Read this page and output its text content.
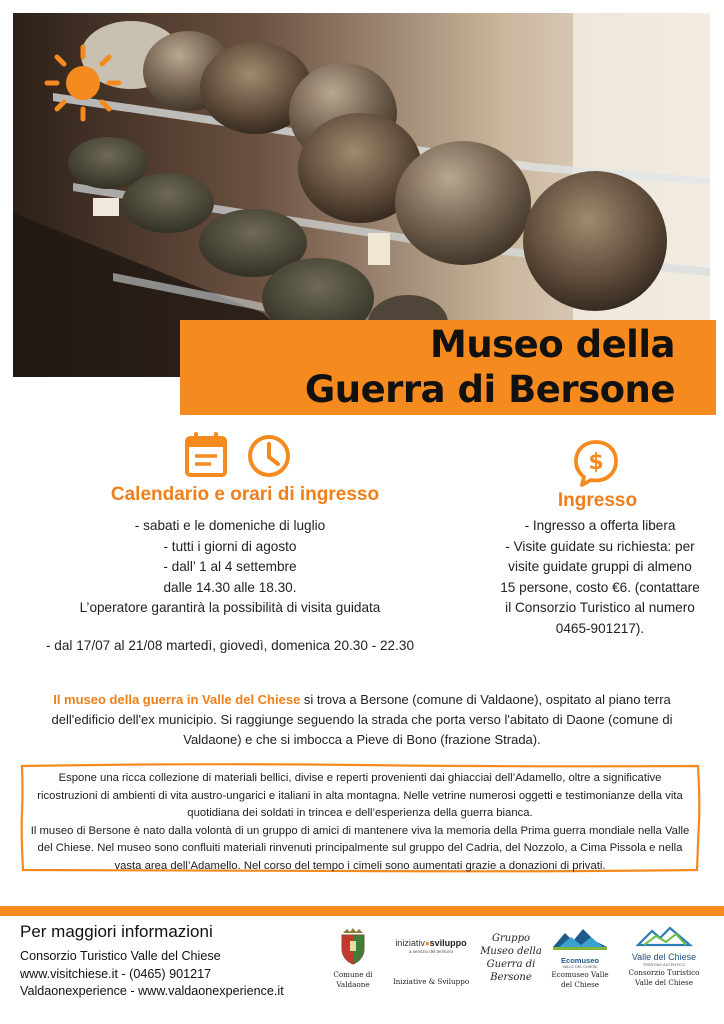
Museo della
Guerra di Bersone
Calendario e orari di ingresso
- sabati e le domeniche di luglio
- tutti i giorni di agosto
- dall’ 1 al 4 settembre
dalle 14.30 alle 18.30.
L’operatore garantirà la possibilità di visita guidata
- dal 17/07 al 21/08 martedì, giovedì, domenica 20.30 - 22.30
$
Ingresso
- Ingresso a offerta libera
- Visite guidate su richiesta: per visite guidate gruppi di almeno 15 persone, costo €6. (contattare il Consorzio Turistico al numero 0465-901217).
Il museo della guerra in Valle del Chiese si trova a Bersone (comune di Valdaone), ospitato al piano terra dell'edificio dell'ex municipio. Si raggiunge seguendo la strada che porta verso l'abitato di Daone (comune di Valdaone) e che si imbocca a Pieve di Bono (frazione Strada).
Espone una ricca collezione di materiali bellici, divise e reperti provenienti dai ghiacciai dell’Adamello, oltre a significative ricostruzioni di ambienti di vita austro-ungarici e italiani in alta montagna. Nelle vetrine numerosi oggetti e testimonianze della vita quotidiana dei soldati in trincea e dell’esperienza della guerra bianca.
Il museo di Bersone è nato dalla volontà di un gruppo di amici di mantenere viva la memoria della Prima guerra mondiale nella Valle del Chiese. Nel museo sono confluiti materiali rinvenuti principalmente sul gruppo del Cadria, del Nozzolo, a Cima Pissola e nella vasta area dell’Adamello. Nel corso del tempo i cimeli sono aumentati grazie a donazioni di privati.
Per maggiori informazioni
Consorzio Turistico Valle del Chiese
www.visitchiese.it - (0465) 901217
Valdaonexperience - www.valdaonexperience.it
Comune di Valdaone
iniziativ●sviluppo
a servizio del territorio
Iniziative & Sviluppo
Gruppo Museo della Guerra di Bersone
Ecomuseo
VALLE DEL CHIESE
Ecomuseo Valle del Chiese
Valle del Chiese
TRENTINO AUTENTICO
Consorzio Turistico Valle del Chiese
